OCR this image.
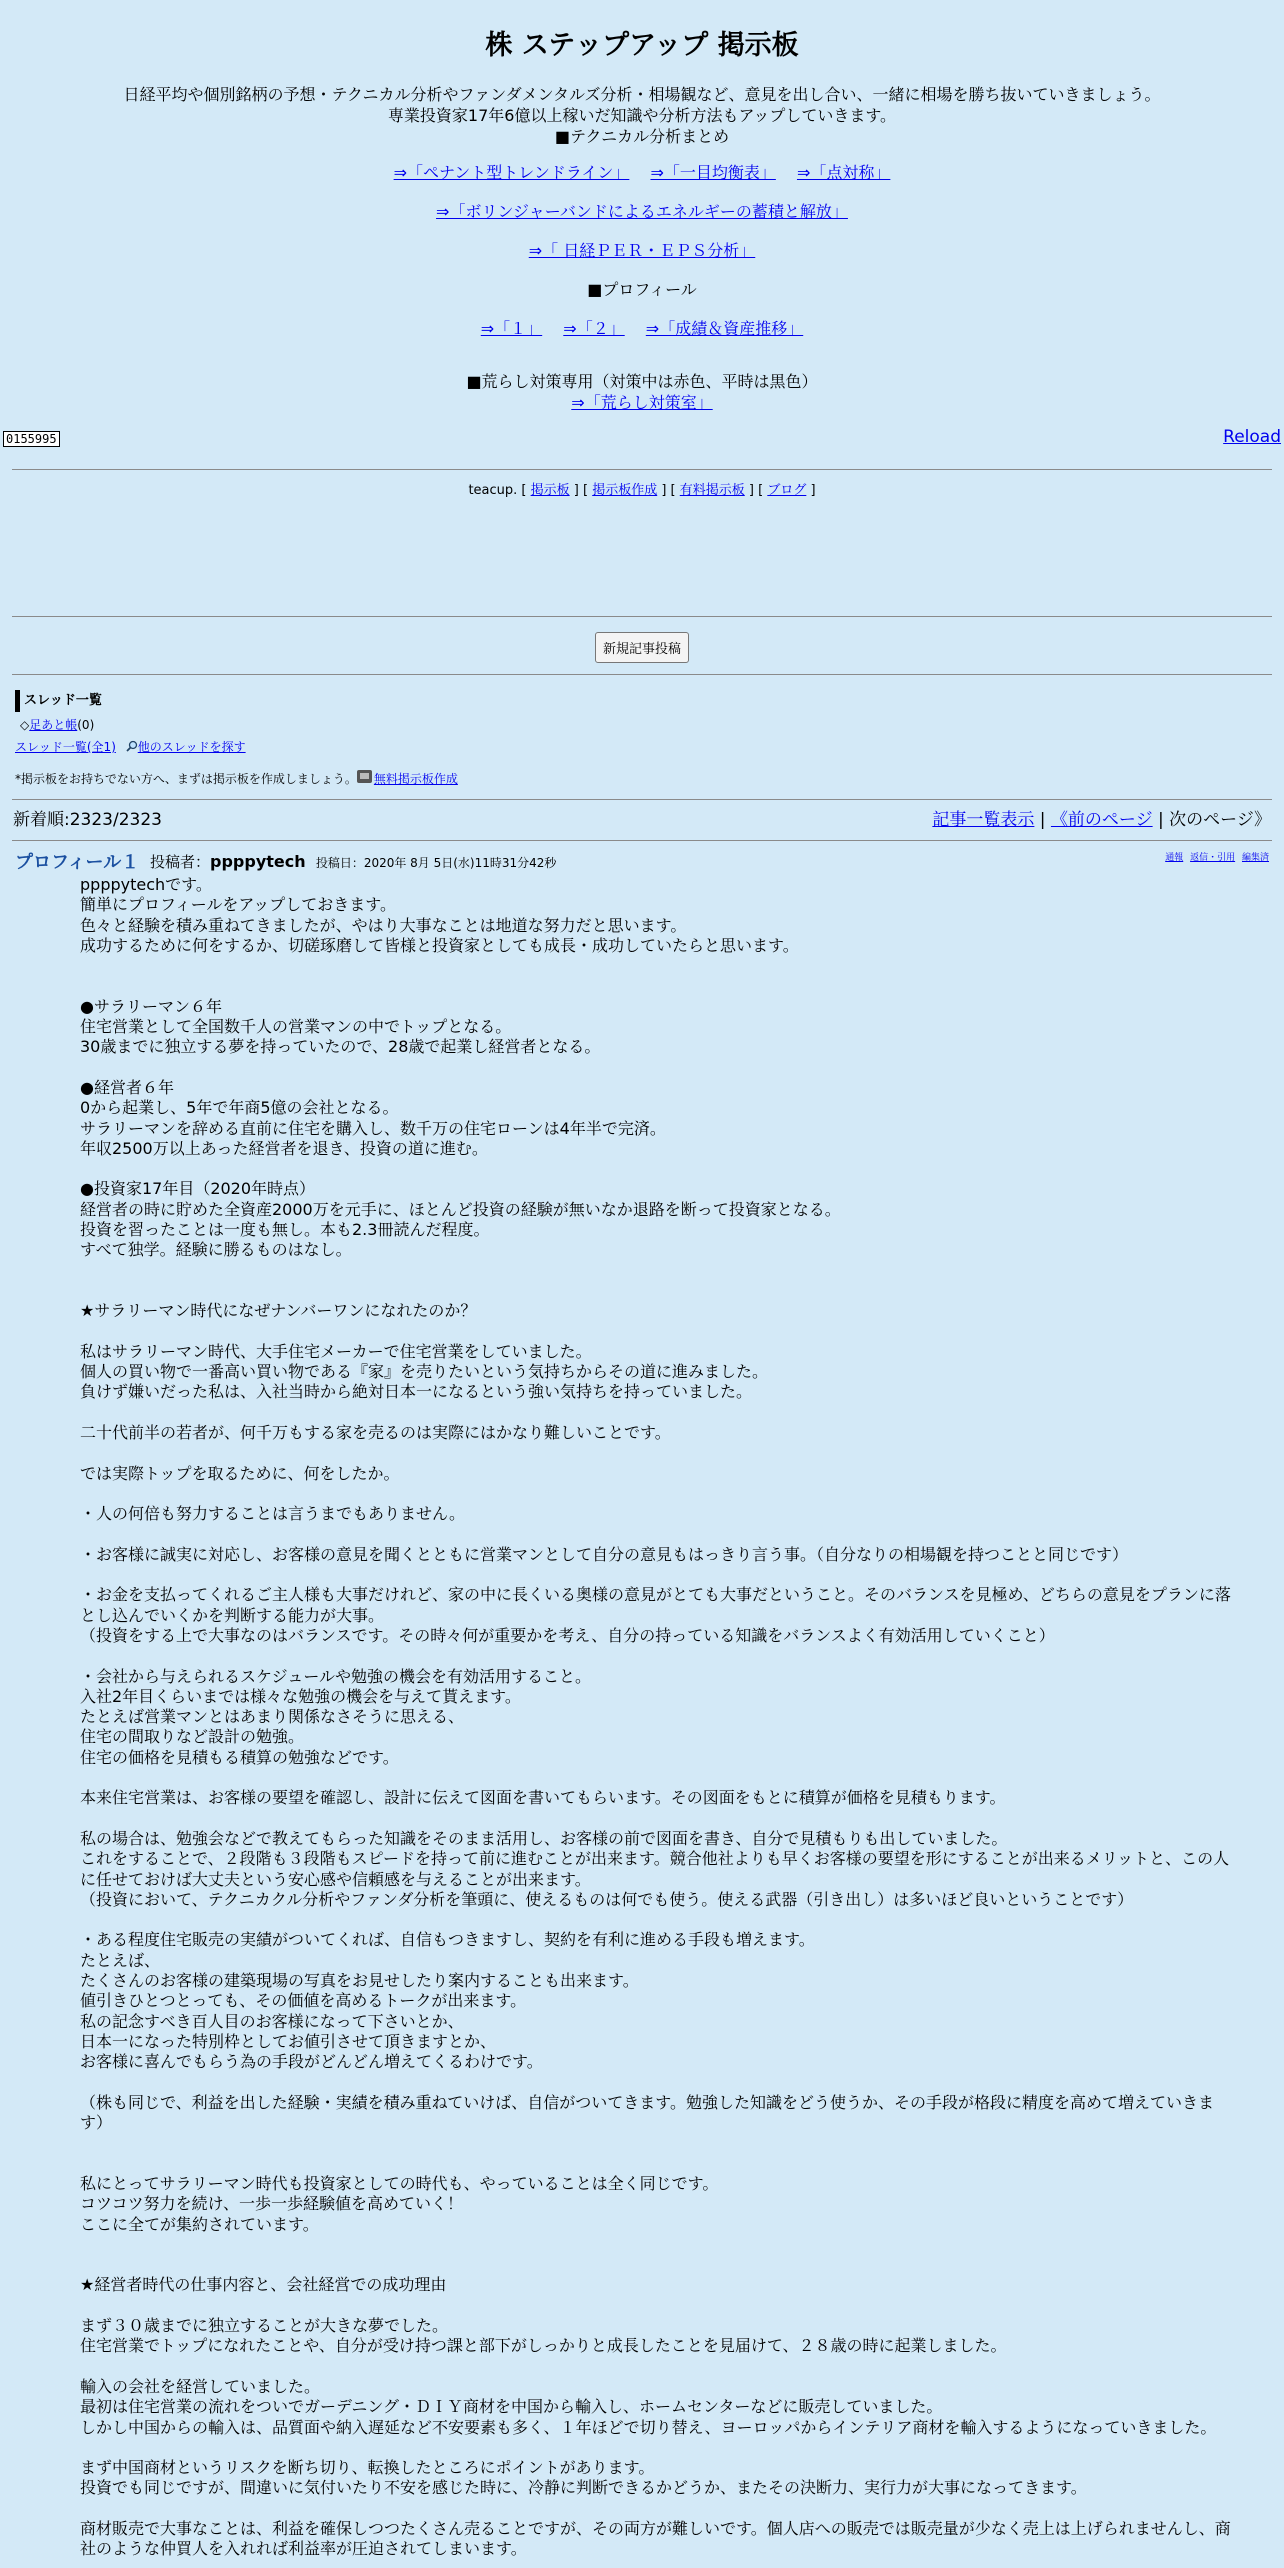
株 ステップアップ 掲示板
日経平均や個別銘柄の予想・テクニカル分析やファンダメンタルズ分析・相場観など、意見を出し合い、一緒に相場を勝ち抜いていきましょう。
専業投資家17年6億以上稼いだ知識や分析方法もアップしていきます。
■テクニカル分析まとめ
⇒「ペナント型トレンドライン」 ⇒「一目均衡表」 ⇒「点対称」
⇒「ボリンジャーバンドによるエネルギーの蓄積と解放」
⇒「 日経ＰＥＲ・ＥＰＳ分析」
■プロフィール
⇒「１」 ⇒「２」 ⇒「成績＆資産推移」
■荒らし対策専用（対策中は赤色、平時は黒色）
⇒「荒らし対策室」
0155995	Reload
teacup. [ 掲示板 ] [ 掲示板作成 ] [ 有料掲示板 ] [ ブログ ]
新規記事投稿
スレッド一覧
◇足あと帳(0)
スレッド一覧(全1) 他のスレッドを探す
*掲示板をお持ちでない方へ、まずは掲示板を作成しましょう。 無料掲示板作成
新着順:2323/2323	記事一覧表示 | 《前のページ | 次のページ》
プロフィール１ 投稿者：ppppytech 投稿日：2020年 8月 5日(水)11時31分42秒	通報 返信・引用 編集済
ppppytechです。
簡単にプロフィールをアップしておきます。
色々と経験を積み重ねてきましたが、やはり大事なことは地道な努力だと思います。
成功するために何をするか、切磋琢磨して皆様と投資家としても成長・成功していたらと思います。

●サラリーマン６年
住宅営業として全国数千人の営業マンの中でトップとなる。
30歳までに独立する夢を持っていたので、28歳で起業し経営者となる。

●経営者６年
0から起業し、5年で年商5億の会社となる。
サラリーマンを辞める直前に住宅を購入し、数千万の住宅ローンは4年半で完済。
年収2500万以上あった経営者を退き、投資の道に進む。

●投資家17年目（2020年時点）
経営者の時に貯めた全資産2000万を元手に、ほとんど投資の経験が無いなか退路を断って投資家となる。
投資を習ったことは一度も無し。本も2.3冊読んだ程度。
すべて独学。経験に勝るものはなし。

★サラリーマン時代になぜナンバーワンになれたのか？

私はサラリーマン時代、大手住宅メーカーで住宅営業をしていました。
個人の買い物で一番高い買い物である『家』を売りたいという気持ちからその道に進みました。
負けず嫌いだった私は、入社当時から絶対日本一になるという強い気持ちを持っていました。

二十代前半の若者が、何千万もする家を売るのは実際にはかなり難しいことです。

では実際トップを取るために、何をしたか。

・人の何倍も努力することは言うまでもありません。

・お客様に誠実に対応し、お客様の意見を聞くとともに営業マンとして自分の意見もはっきり言う事。（自分なりの相場観を持つことと同じです）

・お金を支払ってくれるご主人様も大事だけれど、家の中に長くいる奥様の意見がとても大事だということ。そのバランスを見極め、どちらの意見をプランに落とし込んでいくかを判断する能力が大事。
（投資をする上で大事なのはバランスです。その時々何が重要かを考え、自分の持っている知識をバランスよく有効活用していくこと）

・会社から与えられるスケジュールや勉強の機会を有効活用すること。
入社2年目くらいまでは様々な勉強の機会を与えて貰えます。
たとえば営業マンとはあまり関係なさそうに思える、
住宅の間取りなど設計の勉強。
住宅の価格を見積もる積算の勉強などです。

本来住宅営業は、お客様の要望を確認し、設計に伝えて図面を書いてもらいます。その図面をもとに積算が価格を見積もります。

私の場合は、勉強会などで教えてもらった知識をそのまま活用し、お客様の前で図面を書き、自分で見積もりも出していました。
これをすることで、２段階も３段階もスピードを持って前に進むことが出来ます。競合他社よりも早くお客様の要望を形にすることが出来るメリットと、この人に任せておけば大丈夫という安心感や信頼感を与えることが出来ます。
（投資において、テクニカクル分析やファンダ分析を筆頭に、使えるものは何でも使う。使える武器（引き出し）は多いほど良いということです）

・ある程度住宅販売の実績がついてくれば、自信もつきますし、契約を有利に進める手段も増えます。
たとえば、
たくさんのお客様の建築現場の写真をお見せしたり案内することも出来ます。
値引きひとつとっても、その価値を高めるトークが出来ます。
私の記念すべき百人目のお客様になって下さいとか、
日本一になった特別枠としてお値引させて頂きますとか、
お客様に喜んでもらう為の手段がどんどん増えてくるわけです。

（株も同じで、利益を出した経験・実績を積み重ねていけば、自信がついてきます。勉強した知識をどう使うか、その手段が格段に精度を高めて増えていきます）

私にとってサラリーマン時代も投資家としての時代も、やっていることは全く同じです。
コツコツ努力を続け、一歩一歩経験値を高めていく！
ここに全てが集約されています。

★経営者時代の仕事内容と、会社経営での成功理由

まず３０歳までに独立することが大きな夢でした。
住宅営業でトップになれたことや、自分が受け持つ課と部下がしっかりと成長したことを見届けて、２８歳の時に起業しました。

輸入の会社を経営していました。
最初は住宅営業の流れをついでガーデニング・ＤＩＹ商材を中国から輸入し、ホームセンターなどに販売していました。
しかし中国からの輸入は、品質面や納入遅延など不安要素も多く、１年ほどで切り替え、ヨーロッパからインテリア商材を輸入するようになっていきました。

まず中国商材というリスクを断ち切り、転換したところにポイントがあります。
投資でも同じですが、間違いに気付いたり不安を感じた時に、冷静に判断できるかどうか、またその決断力、実行力が大事になってきます。

商材販売で大事なことは、利益を確保しつつたくさん売ることですが、その両方が難しいです。個人店への販売では販売量が少なく売上は上げられませんし、商社のような仲買人を入れれば利益率が圧迫されてしまいます。
